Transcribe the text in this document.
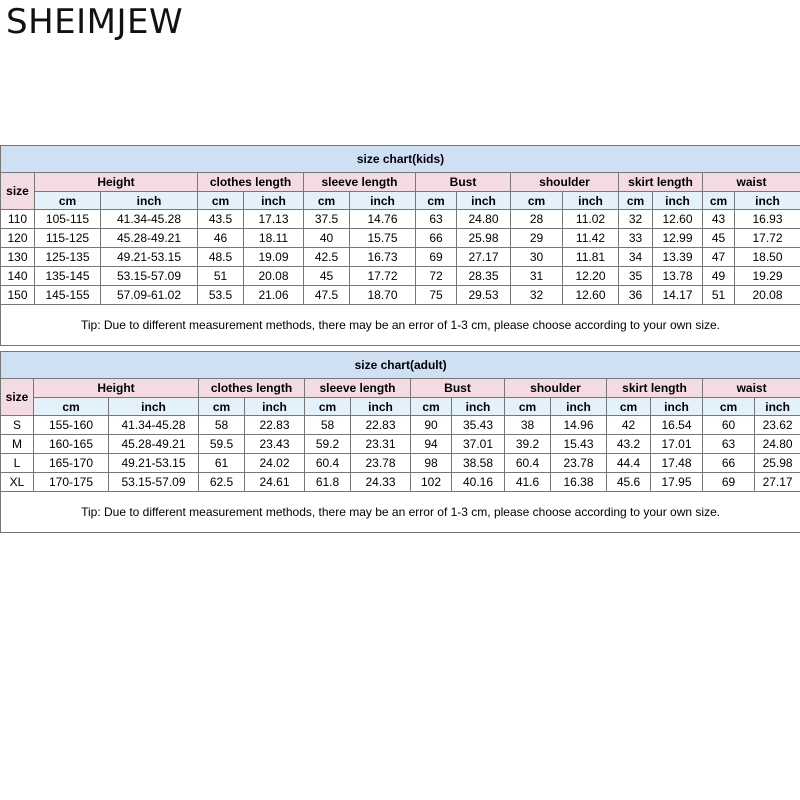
SHEIMJEW
size chart(kids)														
size	Height		clothes length		sleeve length		Bust		shoulder		skirt length		waist	
	cm	inch	cm	inch	cm	inch	cm	inch	cm	inch	cm	inch	cm	inch
110	105-115	41.34-45.28	43.5	17.13	37.5	14.76	63	24.80	28	11.02	32	12.60	43	16.93
120	115-125	45.28-49.21	46	18.11	40	15.75	66	25.98	29	11.42	33	12.99	45	17.72
130	125-135	49.21-53.15	48.5	19.09	42.5	16.73	69	27.17	30	11.81	34	13.39	47	18.50
140	135-145	53.15-57.09	51	20.08	45	17.72	72	28.35	31	12.20	35	13.78	49	19.29
150	145-155	57.09-61.02	53.5	21.06	47.5	18.70	75	29.53	32	12.60	36	14.17	51	20.08
Tip: Due to different measurement methods, there may be an error of 1-3 cm, please choose according to your own size.														
size chart(adult)														
size	Height		clothes length		sleeve length		Bust		shoulder		skirt length		waist	
	cm	inch	cm	inch	cm	inch	cm	inch	cm	inch	cm	inch	cm	inch
S	155-160	41.34-45.28	58	22.83	58	22.83	90	35.43	38	14.96	42	16.54	60	23.62
M	160-165	45.28-49.21	59.5	23.43	59.2	23.31	94	37.01	39.2	15.43	43.2	17.01	63	24.80
L	165-170	49.21-53.15	61	24.02	60.4	23.78	98	38.58	60.4	23.78	44.4	17.48	66	25.98
XL	170-175	53.15-57.09	62.5	24.61	61.8	24.33	102	40.16	41.6	16.38	45.6	17.95	69	27.17
Tip: Due to different measurement methods, there may be an error of 1-3 cm, please choose according to your own size.														
